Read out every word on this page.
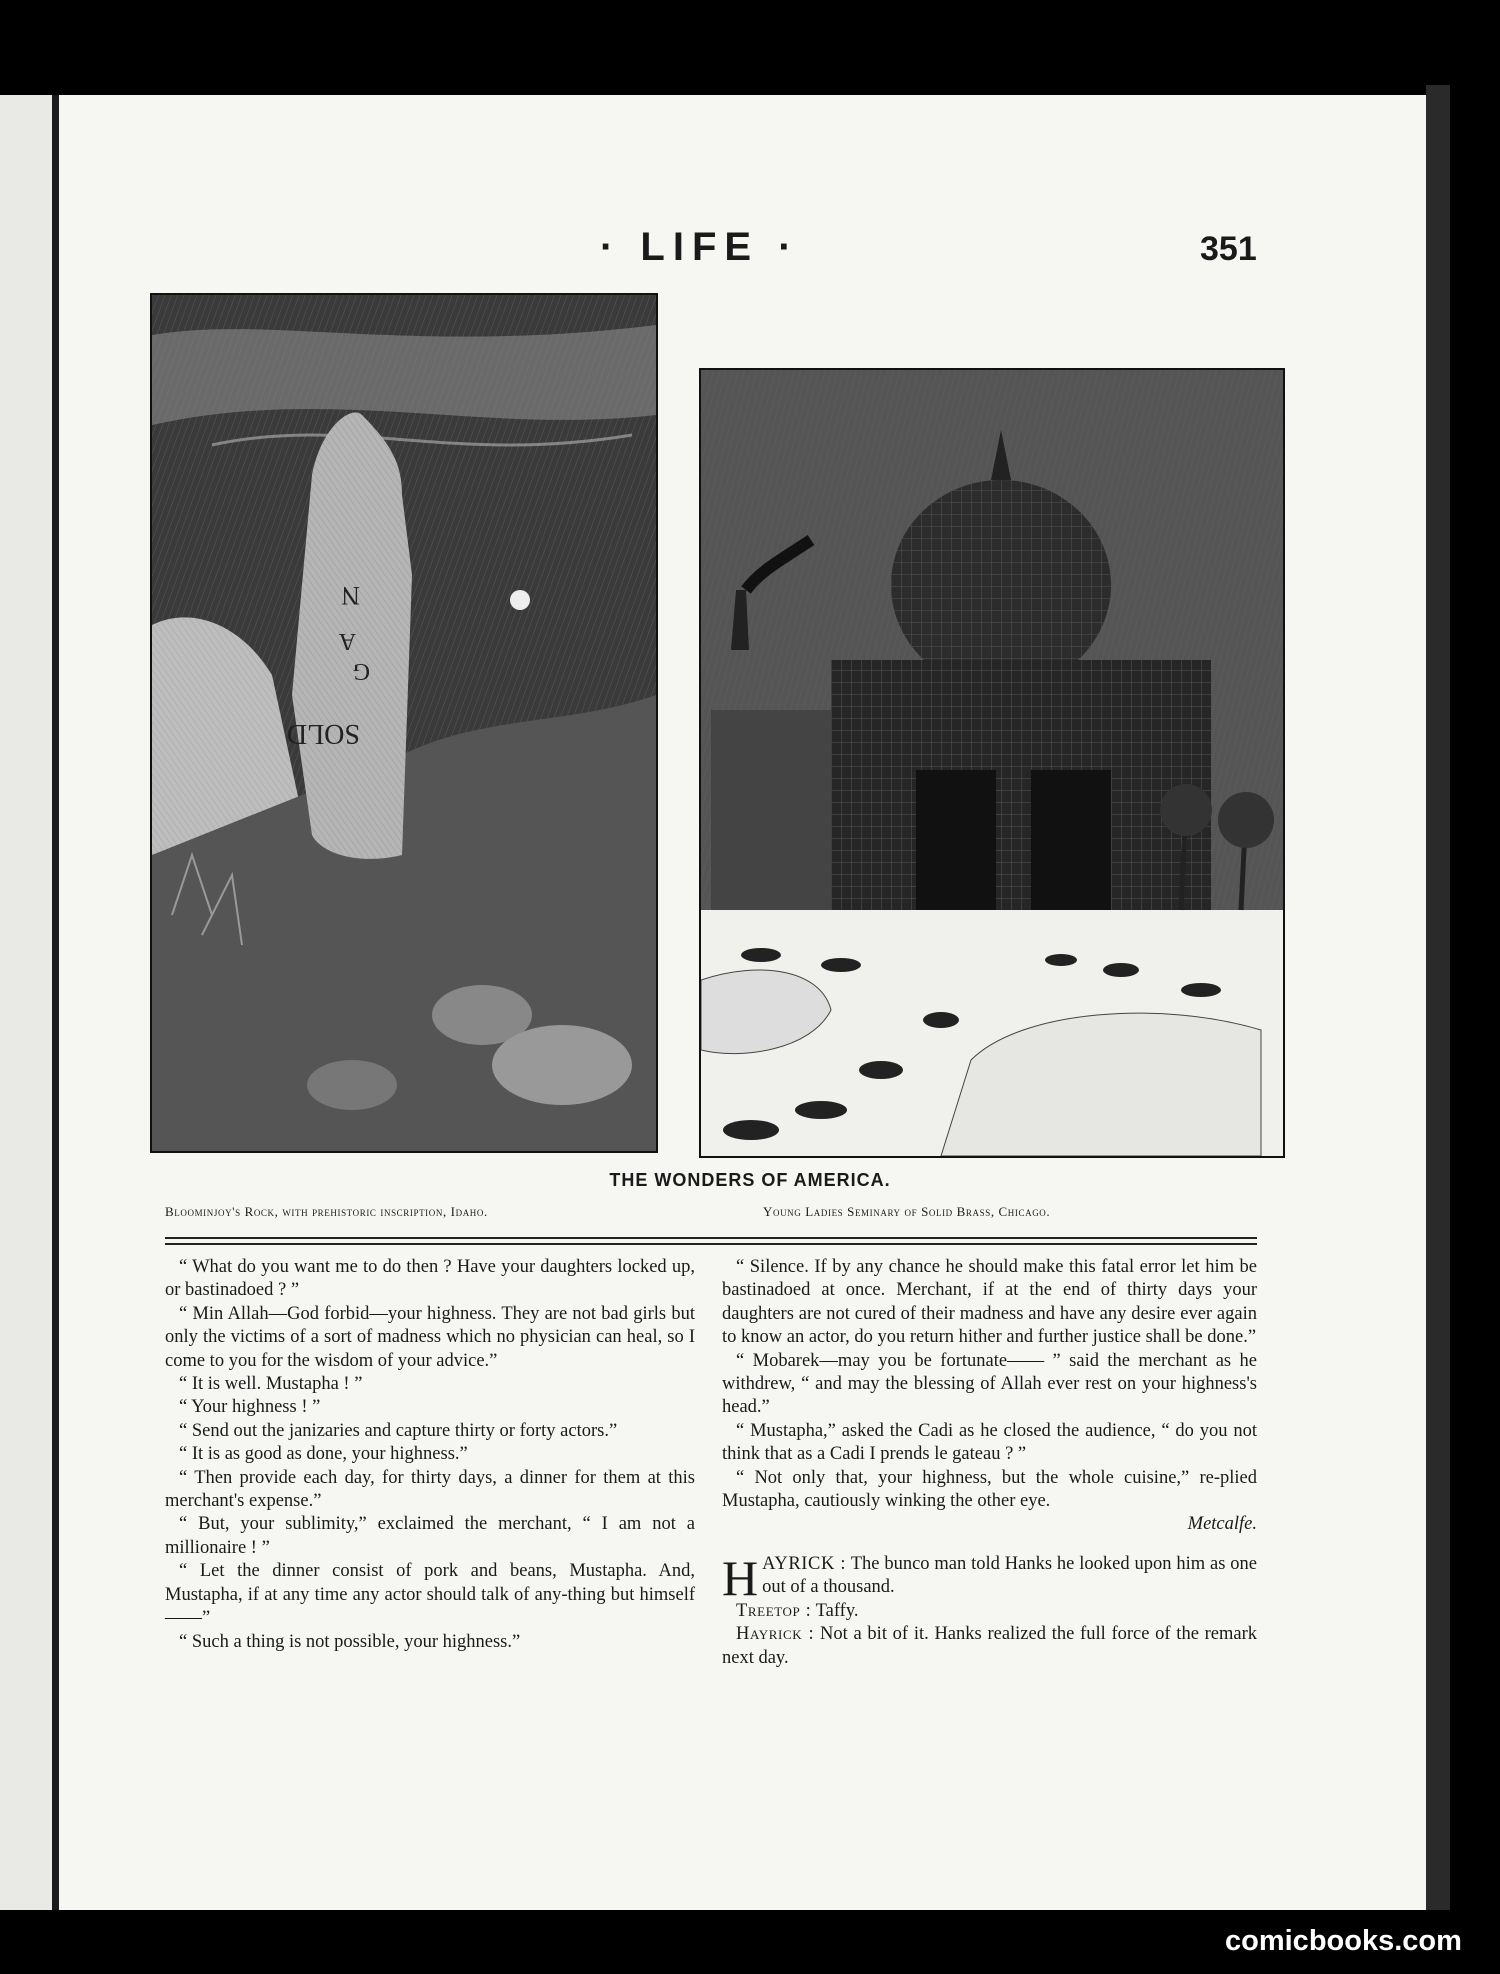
· LIFE ·	351
N
A
G
SOLD
THE WONDERS OF AMERICA.
Bloominjoy's Rock, with prehistoric inscription, Idaho.	Young Ladies Seminary of Solid Brass, Chicago.

“ What do you want me to do then ? Have your daughters locked up, or bastinadoed ? ”

“ Min Allah—God forbid—your highness. They are not bad girls but only the victims of a sort of madness which no physician can heal, so I come to you for the wisdom of your advice.”

“ It is well. Mustapha ! ”

“ Your highness ! ”

“ Send out the janizaries and capture thirty or forty actors.”

“ It is as good as done, your highness.”

“ Then provide each day, for thirty days, a dinner for them at this merchant's expense.”

“ But, your sublimity,” exclaimed the merchant, “ I am not a millionaire ! ”

“ Let the dinner consist of pork and beans, Mustapha. And, Mustapha, if at any time any actor should talk of any-thing but himself——”

“ Such a thing is not possible, your highness.”

“ Silence. If by any chance he should make this fatal error let him be bastinadoed at once. Merchant, if at the end of thirty days your daughters are not cured of their madness and have any desire ever again to know an actor, do you return hither and further justice shall be done.”

“ Mobarek—may you be fortunate—— ” said the merchant as he withdrew, “ and may the blessing of Allah ever rest on your highness's head.”

“ Mustapha,” asked the Cadi as he closed the audience, “ do you not think that as a Cadi I prends le gateau ? ”

“ Not only that, your highness, but the whole cuisine,” re-plied Mustapha, cautiously winking the other eye.

Metcalfe.

H AYRICK : The bunco man told Hanks he looked upon him as one out of a thousand.

Treetop : Taffy.

Hayrick : Not a bit of it. Hanks realized the full force of the remark next day.

comicbooks.com
